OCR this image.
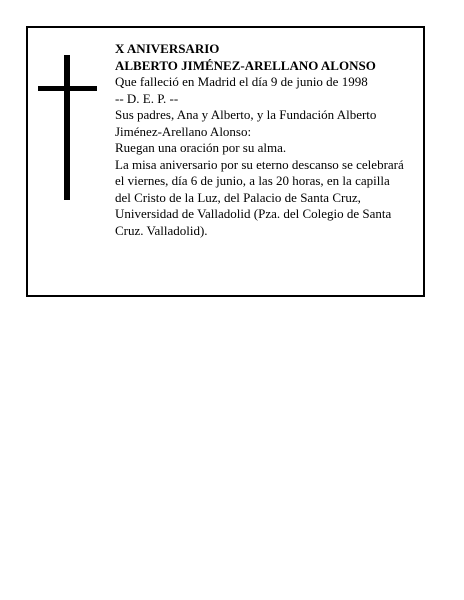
X ANIVERSARIO
ALBERTO JIMÉNEZ-ARELLANO ALONSO
Que falleció en Madrid el día 9 de junio de 1998
-- D. E. P. --
Sus padres, Ana y Alberto, y la Fundación Alberto
Jiménez-Arellano Alonso:
Ruegan una oración por su alma.
La misa aniversario por su eterno descanso se celebrará
el viernes, día 6 de junio, a las 20 horas, en la capilla
del Cristo de la Luz, del Palacio de Santa Cruz,
Universidad de Valladolid (Pza. del Colegio de Santa
Cruz. Valladolid).
